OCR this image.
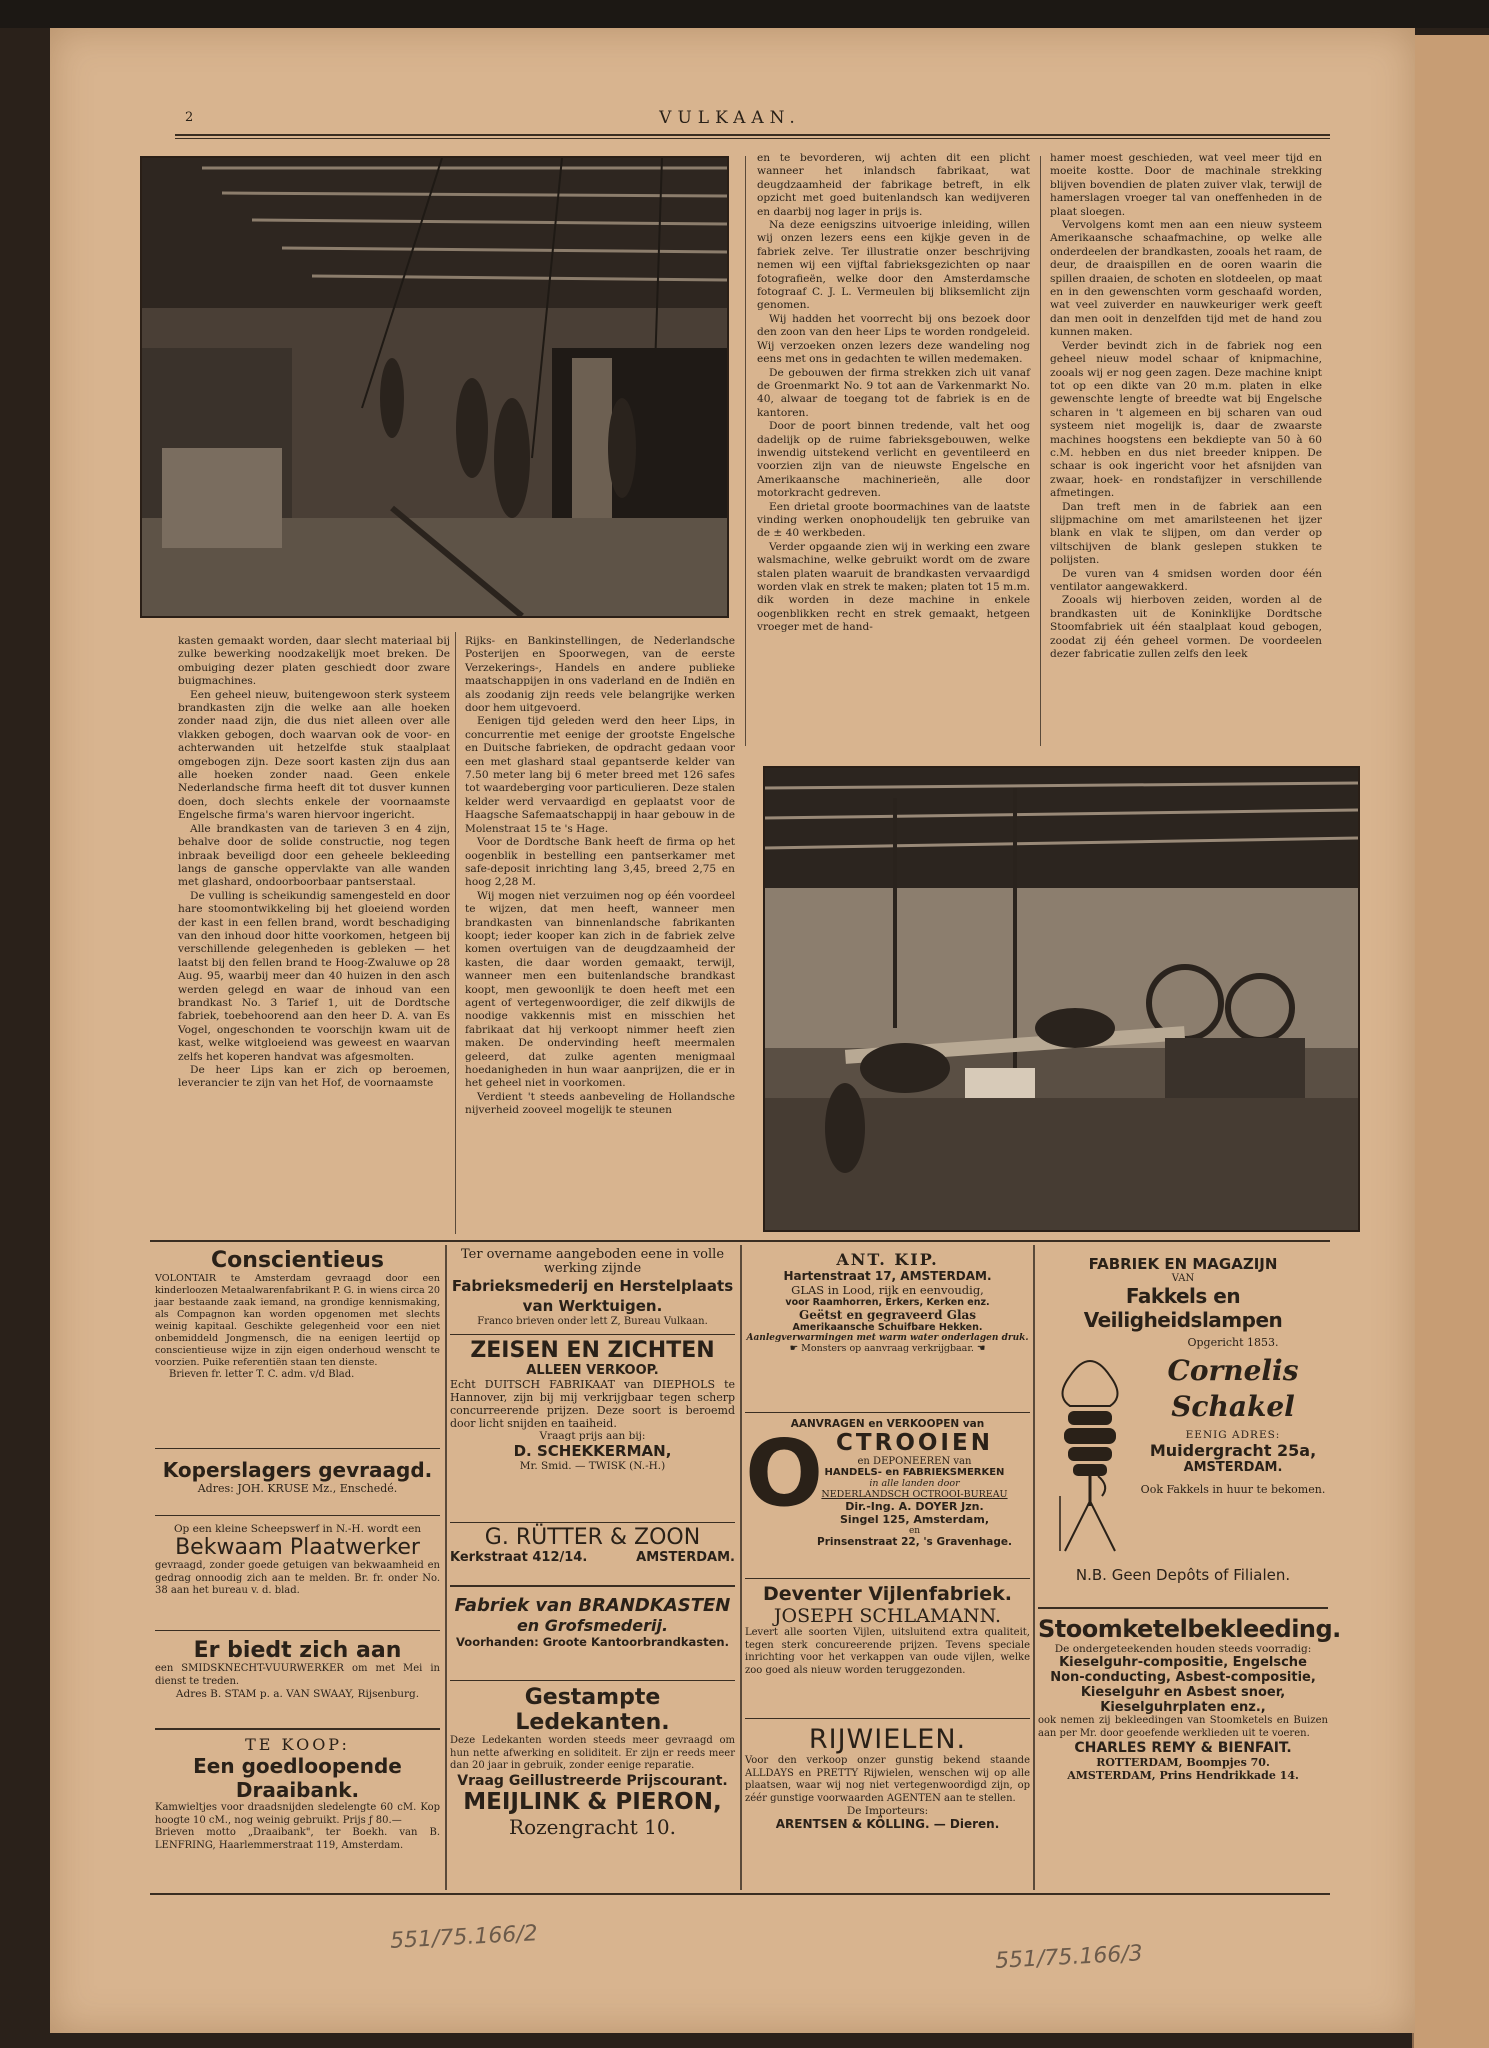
2	VULKAAN.

kasten gemaakt worden, daar slecht materiaal bij zulke bewerking noodzakelijk moet breken. De ombuiging dezer platen geschiedt door zware buigmachines.

Een geheel nieuw, buitengewoon sterk systeem brandkasten zijn die welke aan alle hoeken zonder naad zijn, die dus niet alleen over alle vlakken gebogen, doch waarvan ook de voor- en achterwanden uit hetzelfde stuk staalplaat omgebogen zijn. Deze soort kasten zijn dus aan alle hoeken zonder naad. Geen enkele Nederlandsche firma heeft dit tot dusver kunnen doen, doch slechts enkele der voornaamste Engelsche firma's waren hiervoor ingericht.

Alle brandkasten van de tarieven 3 en 4 zijn, behalve door de solide constructie, nog tegen inbraak beveiligd door een geheele bekleeding langs de gansche oppervlakte van alle wanden met glashard, ondoorboorbaar pantserstaal.

De vulling is scheikundig samengesteld en door hare stoomontwikkeling bij het gloeiend worden der kast in een fellen brand, wordt beschadiging van den inhoud door hitte voorkomen, hetgeen bij verschillende gelegenheden is gebleken — het laatst bij den fellen brand te Hoog-Zwaluwe op 28 Aug. 95, waarbij meer dan 40 huizen in den asch werden gelegd en waar de inhoud van een brandkast No. 3 Tarief 1, uit de Dordtsche fabriek, toebehoorend aan den heer D. A. van Es Vogel, ongeschonden te voorschijn kwam uit de kast, welke witgloeiend was geweest en waarvan zelfs het koperen handvat was afgesmolten.

De heer Lips kan er zich op beroemen, leverancier te zijn van het Hof, de voornaamste

Rijks- en Bankinstellingen, de Nederlandsche Posterijen en Spoorwegen, van de eerste Verzekerings-, Handels en andere publieke maatschappijen in ons vaderland en de Indiën en als zoodanig zijn reeds vele belangrijke werken door hem uitgevoerd.

Eenigen tijd geleden werd den heer Lips, in concurrentie met eenige der grootste Engelsche en Duitsche fabrieken, de opdracht gedaan voor een met glashard staal gepantserde kelder van 7.50 meter lang bij 6 meter breed met 126 safes tot waardeberging voor particulieren. Deze stalen kelder werd vervaardigd en geplaatst voor de Haagsche Safemaatschappij in haar gebouw in de Molenstraat 15 te 's Hage.

Voor de Dordtsche Bank heeft de firma op het oogenblik in bestelling een pantserkamer met safe-deposit inrichting lang 3,45, breed 2,75 en hoog 2,28 M.

Wij mogen niet verzuimen nog op één voordeel te wijzen, dat men heeft, wanneer men brandkasten van binnenlandsche fabrikanten koopt; ieder kooper kan zich in de fabriek zelve komen overtuigen van de deugdzaamheid der kasten, die daar worden gemaakt, terwijl, wanneer men een buitenlandsche brandkast koopt, men gewoonlijk te doen heeft met een agent of vertegenwoordiger, die zelf dikwijls de noodige vakkennis mist en misschien het fabrikaat dat hij verkoopt nimmer heeft zien maken. De ondervinding heeft meermalen geleerd, dat zulke agenten menigmaal hoedanigheden in hun waar aanprijzen, die er in het geheel niet in voorkomen.

Verdient 't steeds aanbeveling de Hollandsche nijverheid zooveel mogelijk te steunen

en te bevorderen, wij achten dit een plicht wanneer het inlandsch fabrikaat, wat deugdzaamheid der fabrikage betreft, in elk opzicht met goed buitenlandsch kan wedijveren en daarbij nog lager in prijs is.

Na deze eenigszins uitvoerige inleiding, willen wij onzen lezers eens een kijkje geven in de fabriek zelve. Ter illustratie onzer beschrijving nemen wij een vijftal fabrieksgezichten op naar fotografieën, welke door den Amsterdamsche fotograaf C. J. L. Vermeulen bij bliksemlicht zijn genomen.

Wij hadden het voorrecht bij ons bezoek door den zoon van den heer Lips te worden rondgeleid. Wij verzoeken onzen lezers deze wandeling nog eens met ons in gedachten te willen medemaken.

De gebouwen der firma strekken zich uit vanaf de Groenmarkt No. 9 tot aan de Varkenmarkt No. 40, alwaar de toegang tot de fabriek is en de kantoren.

Door de poort binnen tredende, valt het oog dadelijk op de ruime fabrieksgebouwen, welke inwendig uitstekend verlicht en geventileerd en voorzien zijn van de nieuwste Engelsche en Amerikaansche machinerieën, alle door motorkracht gedreven.

Een drietal groote boormachines van de laatste vinding werken onophoudelijk ten gebruike van de ± 40 werkbeden.

Verder opgaande zien wij in werking een zware walsmachine, welke gebruikt wordt om de zware stalen platen waaruit de brandkasten vervaardigd worden vlak en strek te maken; platen tot 15 m.m. dik worden in deze machine in enkele oogenblikken recht en strek gemaakt, hetgeen vroeger met de hand-

hamer moest geschieden, wat veel meer tijd en moeite kostte. Door de machinale strekking blijven bovendien de platen zuiver vlak, terwijl de hamerslagen vroeger tal van oneffenheden in de plaat sloegen.

Vervolgens komt men aan een nieuw systeem Amerikaansche schaafmachine, op welke alle onderdeelen der brandkasten, zooals het raam, de deur, de draaispillen en de ooren waarin die spillen draaien, de schoten en slotdeelen, op maat en in den gewenschten vorm geschaafd worden, wat veel zuiverder en nauwkeuriger werk geeft dan men ooit in denzelfden tijd met de hand zou kunnen maken.

Verder bevindt zich in de fabriek nog een geheel nieuw model schaar of knipmachine, zooals wij er nog geen zagen. Deze machine knipt tot op een dikte van 20 m.m. platen in elke gewenschte lengte of breedte wat bij Engelsche scharen in 't algemeen en bij scharen van oud systeem niet mogelijk is, daar de zwaarste machines hoogstens een bekdiepte van 50 à 60 c.M. hebben en dus niet breeder knippen. De schaar is ook ingericht voor het afsnijden van zwaar, hoek- en rondstafijzer in verschillende afmetingen.

Dan treft men in de fabriek aan een slijpmachine om met amarilsteenen het ijzer blank en vlak te slijpen, om dan verder op viltschijven de blank geslepen stukken te polijsten.

De vuren van 4 smidsen worden door één ventilator aangewakkerd.

Zooals wij hierboven zeiden, worden al de brandkasten uit de Koninklijke Dordtsche Stoomfabriek uit één staalplaat koud gebogen, zoodat zij één geheel vormen. De voordeelen dezer fabricatie zullen zelfs den leek

Conscientieus

VOLONTAIR te Amsterdam gevraagd door een kinderloozen Metaalwarenfabrikant P. G. in wiens circa 20 jaar bestaande zaak iemand, na grondige kennismaking, als Compagnon kan worden opgenomen met slechts weinig kapitaal. Geschikte gelegenheid voor een niet onbemiddeld Jongmensch, die na eenigen leertijd op conscientieuse wijze in zijn eigen onderhoud wenscht te voorzien. Puike referentiën staan ten dienste.

Brieven fr. letter T. C. adm. v/d Blad.

Koperslagers gevraagd.

Adres: JOH. KRUSE Mz., Enschedé.

Op een kleine Scheepswerf in N.-H. wordt een

Bekwaam Plaatwerker

gevraagd, zonder goede getuigen van bekwaamheid en gedrag onnoodig zich aan te melden. Br. fr. onder No. 38 aan het bureau v. d. blad.

Er biedt zich aan

een SMIDSKNECHT-VUURWERKER om met Mei in dienst te treden.

Adres B. STAM p. a. VAN SWAAY, Rijsenburg.

TE KOOP:
Een goedloopende Draaibank.

Kamwieltjes voor draadsnijden sledelengte 60 cM. Kop hoogte 10 cM., nog weinig gebruikt. Prijs ƒ 80.—

Brieven motto „Draaibank", ter Boekh. van B. LENFRING, Haarlemmerstraat 119, Amsterdam.

Ter overname aangeboden eene in volle werking zijnde

Fabrieksmederij en Herstelplaats van Werktuigen.

Franco brieven onder lett Z, Bureau Vulkaan.

ZEISEN EN ZICHTEN
ALLEEN VERKOOP.

Echt DUITSCH FABRIKAAT van DIEPHOLS te Hannover, zijn bij mij verkrijgbaar tegen scherp concurreerende prijzen. Deze soort is beroemd door licht snijden en taaiheid.

Vraagt prijs aan bij:

D. SCHEKKERMAN,

Mr. Smid. — TWISK (N.-H.)

G. RÜTTER & ZOON
Kerkstraat 412/14.	AMSTERDAM.
Fabriek van BRANDKASTEN
en Grofsmederij.

Voorhanden: Groote Kantoorbrandkasten.

Gestampte Ledekanten.

Deze Ledekanten worden steeds meer gevraagd om hun nette afwerking en soliditeit. Er zijn er reeds meer dan 20 jaar in gebruik, zonder eenige reparatie.

Vraag Geillustreerde Prijscourant.
MEIJLINK & PIERON,
Rozengracht 10.
ANT. KIP.
Hartenstraat 17, AMSTERDAM.

GLAS in Lood, rijk en eenvoudig,

voor Raamhorren, Erkers, Kerken enz.

Geëtst en gegraveerd Glas

Amerikaansche Schuifbare Hekken.

Aanlegverwarmingen met warm water onderlagen druk.

☛ Monsters op aanvraag verkrijgbaar. ☚

AANVRAGEN en VERKOOPEN van

O CTROOIEN

en DEPONEEREN van

HANDELS- en FABRIEKSMERKEN

in alle landen door

NEDERLANDSCH OCTROOI-BUREAU

Dir.-Ing. A. DOYER Jzn.

Singel 125, Amsterdam,

en

Prinsenstraat 22, 's Gravenhage.

Deventer Vijlenfabriek.
JOSEPH SCHLAMANN.

Levert alle soorten Vijlen, uitsluitend extra qualiteit, tegen sterk concureerende prijzen. Tevens speciale inrichting voor het verkappen van oude vijlen, welke zoo goed als nieuw worden teruggezonden.

RIJWIELEN.

Voor den verkoop onzer gunstig bekend staande ALLDAYS en PRETTY Rijwielen, wenschen wij op alle plaatsen, waar wij nog niet vertegenwoordigd zijn, op zéér gunstige voorwaarden AGENTEN aan te stellen.

De Importeurs:

ARENTSEN & KÖLLING. — Dieren.
FABRIEK EN MAGAZIJN
VAN
Fakkels en Veiligheidslampen
Opgericht 1853.
Cornelis Schakel
EENIG ADRES:
Muidergracht 25a,
AMSTERDAM.
Ook Fakkels in huur te bekomen.
N.B. Geen Depôts of Filialen.
Stoomketelbekleeding.

De ondergeteekenden houden steeds voorradig:

Kieselguhr-compositie, Engelsche

Non-conducting, Asbest-compositie,

Kieselguhr en Asbest snoer,

Kieselguhrplaten enz.,

ook nemen zij bekleedingen van Stoomketels en Buizen aan per Mr. door geoefende werklieden uit te voeren.

CHARLES REMY & BIENFAIT.

ROTTERDAM, Boompjes 70.

AMSTERDAM, Prins Hendrikkade 14.

551/75.166/2
551/75.166/3
